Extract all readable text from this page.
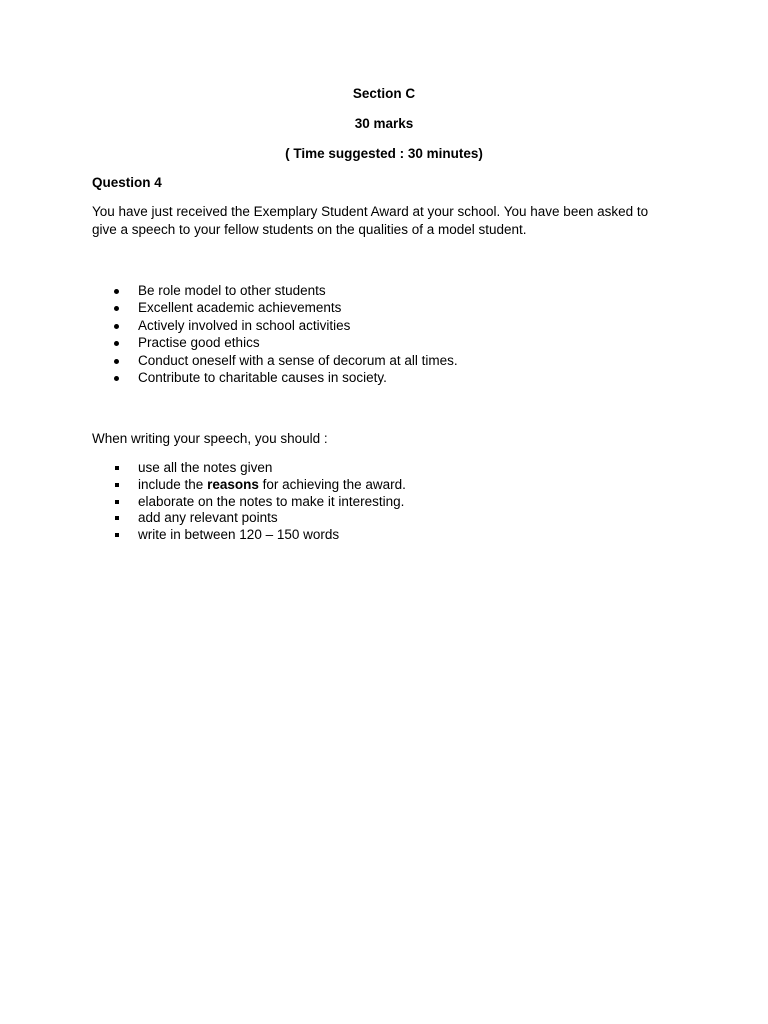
Section C
30 marks
( Time suggested : 30 minutes)
Question 4

You have just received the Exemplary Student Award at your school. You have been asked to

give a speech to your fellow students on the qualities of a model student.

Be role model to other students
Excellent academic achievements
Actively involved in school activities
Practise good ethics
Conduct oneself with a sense of decorum at all times.
Contribute to charitable causes in society.
When writing your speech, you should :
use all the notes given
include the reasons for achieving the award.
elaborate on the notes to make it interesting.
add any relevant points
write in between 120 – 150 words
